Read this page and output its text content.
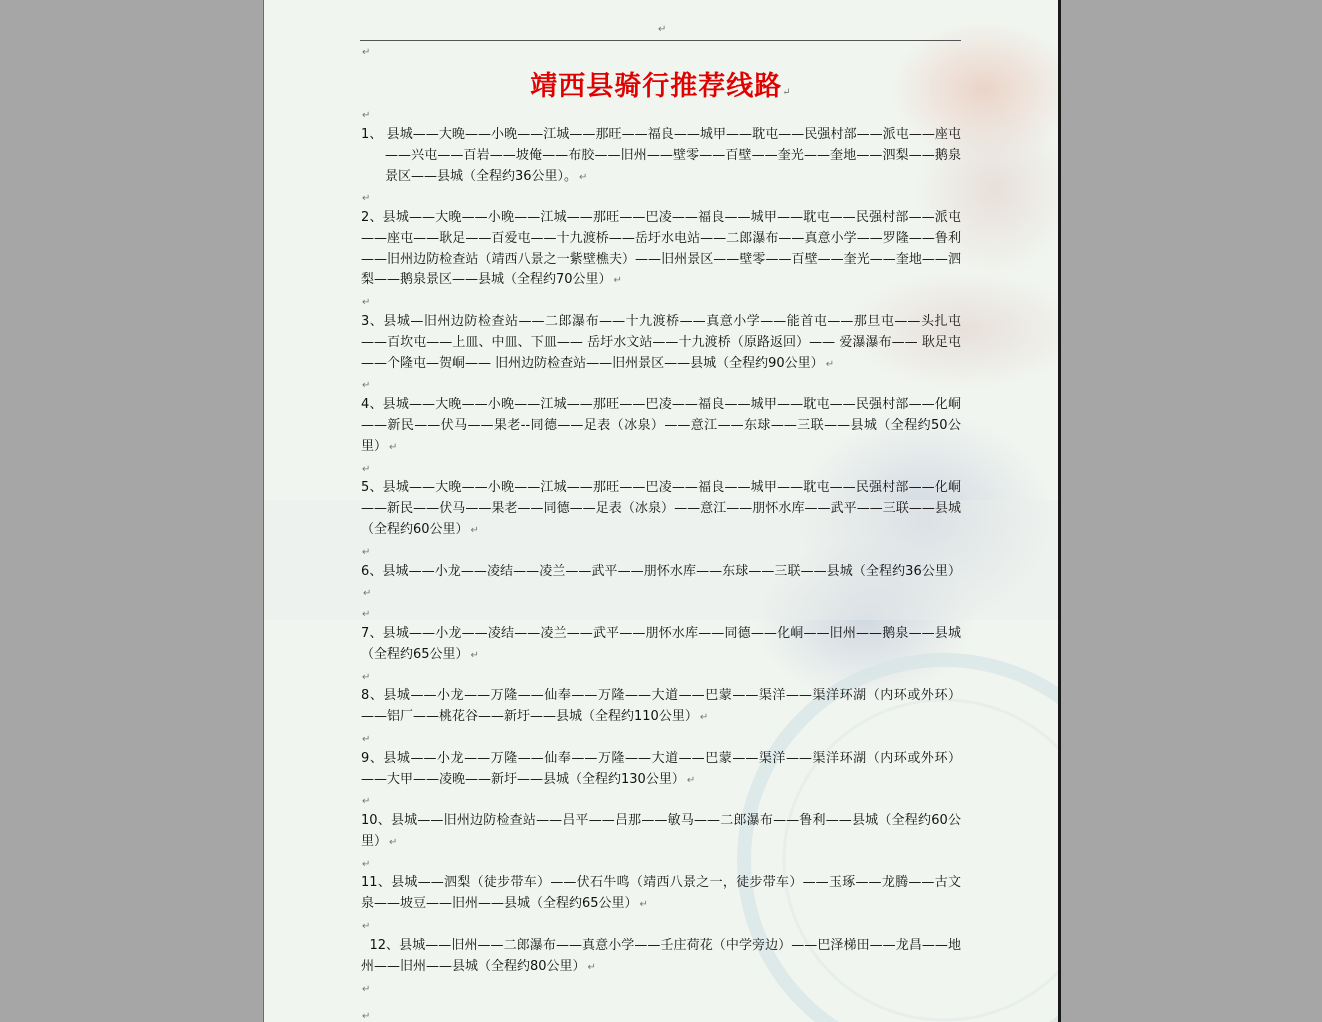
↵
↵
靖西县骑行推荐线路↵
↵
1、 县城——大晚——小晚——江城——那旺——福良——城甲——耽屯——民强村部——派屯——座屯——兴屯——百岩——坡俺——布胶——旧州——壁零——百壁——奎光——奎地——泗梨——鹅泉景区——县城（全程约36公里）。 ↵
↵
2、县城——大晚——小晚——江城——那旺——巴凌——福良——城甲——耽屯——民强村部——派屯——座屯——耿足——百爱屯——十九渡桥——岳圩水电站——二郎瀑布——真意小学——罗隆——鲁利——旧州边防检查站（靖西八景之一紫壁樵夫）——旧州景区——壁零——百壁——奎光——奎地——泗梨——鹅泉景区——县城（全程约70公里） ↵
↵
3、县城—旧州边防检查站——二郎瀑布——十九渡桥——真意小学——能首屯——那旦屯——头扎屯——百坎屯——上皿、中皿、下皿—— 岳圩水文站——十九渡桥（原路返回）—— 爱瀑瀑布—— 耿足屯——个隆屯—贺峒—— 旧州边防检查站——旧州景区——县城（全程约90公里） ↵
↵
4、县城——大晚——小晚——江城——那旺——巴凌——福良——城甲——耽屯——民强村部——化峒——新民——伏马——果老--同德——足表（冰泉）——意江——东球——三联——县城（全程约50公里） ↵
↵
5、县城——大晚——小晚——江城——那旺——巴凌——福良——城甲——耽屯——民强村部——化峒——新民——伏马——果老——同德——足表（冰泉）——意江——朋怀水库——武平——三联——县城（全程约60公里） ↵
↵
6、县城——小龙——凌结——凌兰——武平——朋怀水库——东球——三联——县城（全程约36公里）↵
↵
7、县城——小龙——凌结——凌兰——武平——朋怀水库——同德——化峒——旧州——鹅泉——县城（全程约65公里） ↵
↵
8、县城——小龙——万隆——仙奉——万隆——大道——巴蒙——渠洋——渠洋环湖（内环或外环）——铝厂——桃花谷——新圩——县城（全程约110公里） ↵
↵
9、县城——小龙——万隆——仙奉——万隆——大道——巴蒙——渠洋——渠洋环湖（内环或外环）——大甲——凌晚——新圩——县城（全程约130公里） ↵
↵
10、县城——旧州边防检查站——吕平——吕那——敏马——二郎瀑布——鲁利——县城（全程约60公里） ↵
↵
11、县城——泗梨（徒步带车）——伏石牛鸣（靖西八景之一，徒步带车）——玉琢——龙腾——古文泉——坡豆——旧州——县城（全程约65公里） ↵
↵
12、县城——旧州——二郎瀑布——真意小学——壬庄荷花（中学旁边）——巴泽梯田——龙昌——地州——旧州——县城（全程约80公里） ↵
↵
↵
